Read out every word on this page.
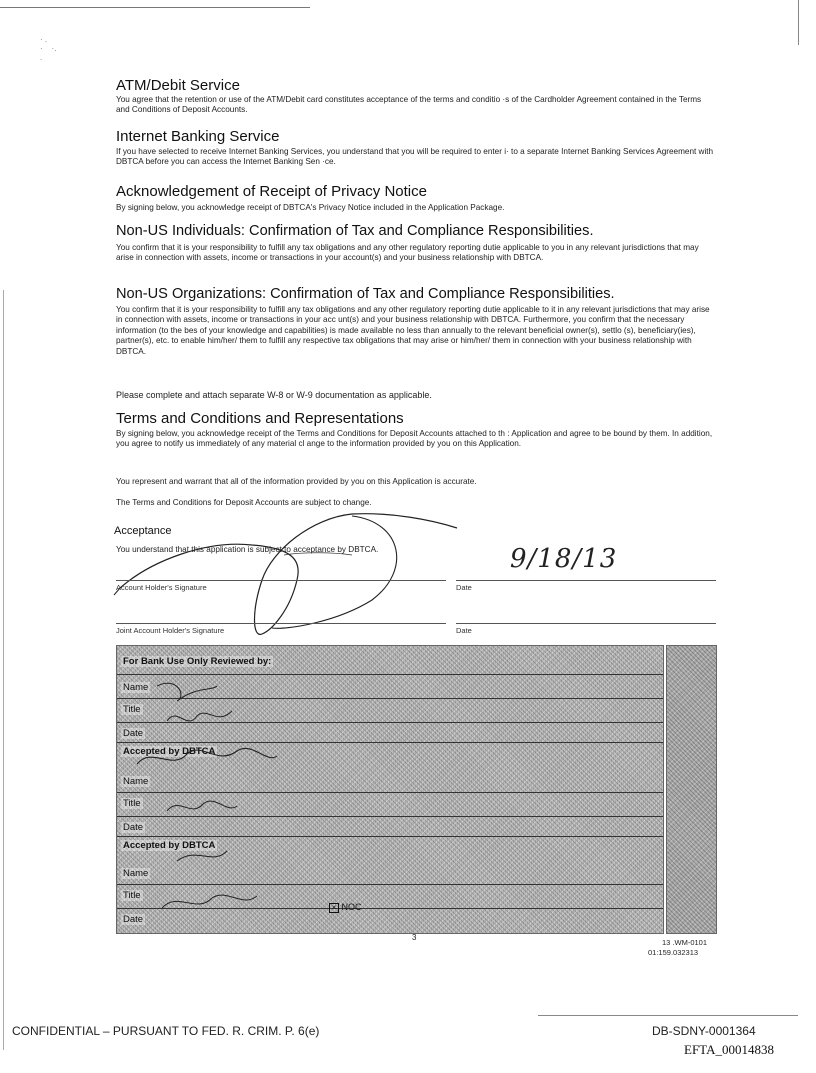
· .
·    ·.
.
ATM/Debit Service
You agree that the retention or use of the ATM/Debit card constitutes acceptance of the terms and conditio ·s of the Cardholder Agreement contained in the Terms and Conditions of Deposit Accounts.
Internet Banking Service
If you have selected to receive Internet Banking Services, you understand that you will be required to enter i· to a separate Internet Banking Services Agreement with DBTCA before you can access the Internet Banking Sen ·ce.
Acknowledgement of Receipt of Privacy Notice
By signing below, you acknowledge receipt of DBTCA's Privacy Notice included in the Application Package.
Non-US Individuals: Confirmation of Tax and Compliance Responsibilities.
You confirm that it is your responsibility to fulfill any tax obligations and any other regulatory reporting dutie applicable to you in any relevant jurisdictions that may arise in connection with assets, income or transactions in your account(s) and your business relationship with DBTCA.
Non-US Organizations: Confirmation of Tax and Compliance Responsibilities.
You confirm that it is your responsibility to fulfill any tax obligations and any other regulatory reporting dutie applicable to it in any relevant jurisdictions that may arise in connection with assets, income or transactions in your acc unt(s) and your business relationship with DBTCA. Furthermore, you confirm that the necessary information (to the bes of your knowledge and capabilities) is made available no less than annually to the relevant beneficial owner(s), settlo (s), beneficiary(ies), partner(s), etc. to enable him/her/ them to fulfill any respective tax obligations that may arise or him/her/ them in connection with your business relationship with DBTCA.
Please complete and attach separate W-8 or W-9 documentation as applicable.
Terms and Conditions and Representations
By signing below, you acknowledge receipt of the Terms and Conditions for Deposit Accounts attached to th : Application and agree to be bound by them. In addition, you agree to notify us immediately of any material cl ange to the information provided by you on this Application.
You represent and warrant that all of the information provided by you on this Application is accurate.
The Terms and Conditions for Deposit Accounts are subject to change.
Acceptance
You understand that this application is subject to acceptance by DBTCA.	9/18/13
Account Holder's Signature	Date
Joint Account Holder's Signature	Date
For Bank Use Only Reviewed by:
Name
Title
Date
Accepted by DBTCA
Name
Title
Date
Accepted by DBTCA
Name
Title
Date
× NOC
3
13 .WM-0101
01:159.032313
CONFIDENTIAL – PURSUANT TO FED. R. CRIM. P. 6(e)	DB-SDNY-0001364
EFTA_00014838
